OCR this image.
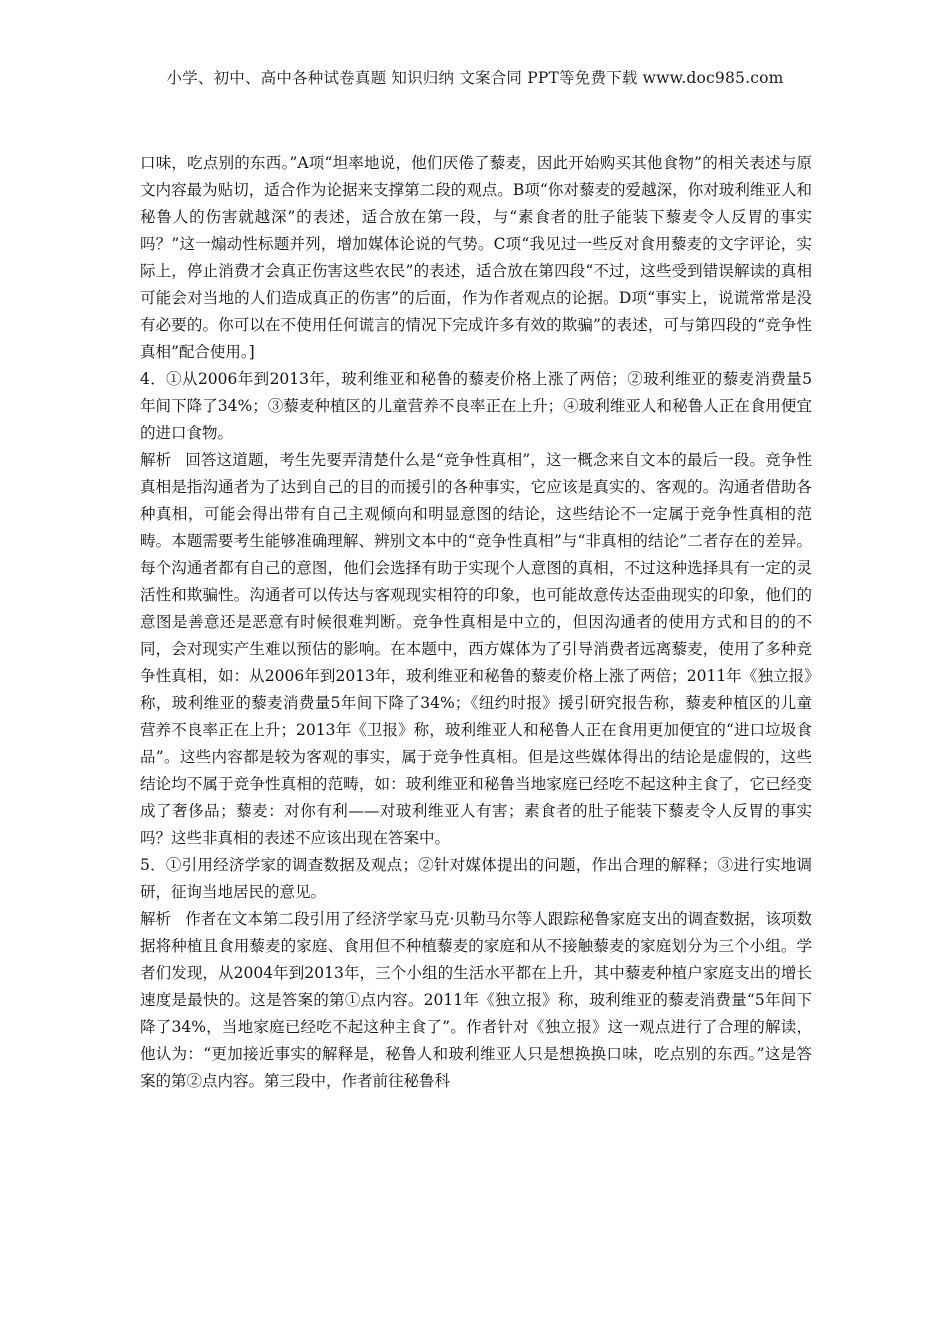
小学、初中、高中各种试卷真题 知识归纳 文案合同 PPT等免费下载 www.doc985.com

口味，吃点别的东西。”A项“坦率地说，他们厌倦了藜麦，因此开始购买其他食物”的相关表述与原文内容最为贴切，适合作为论据来支撑第二段的观点。B项“你对藜麦的爱越深，你对玻利维亚人和秘鲁人的伤害就越深”的表述，适合放在第一段，与“素食者的肚子能装下藜麦令人反胃的事实吗？”这一煽动性标题并列，增加媒体论说的气势。C项“我见过一些反对食用藜麦的文字评论，实际上，停止消费才会真正伤害这些农民”的表述，适合放在第四段“不过，这些受到错误解读的真相可能会对当地的人们造成真正的伤害”的后面，作为作者观点的论据。D项“事实上，说谎常常是没有必要的。你可以在不使用任何谎言的情况下完成许多有效的欺骗”的表述，可与第四段的“竞争性真相”配合使用。]

4．①从2006年到2013年，玻利维亚和秘鲁的藜麦价格上涨了两倍；②玻利维亚的藜麦消费量5年间下降了34%；③藜麦种植区的儿童营养不良率正在上升；④玻利维亚人和秘鲁人正在食用便宜的进口食物。

解析 回答这道题，考生先要弄清楚什么是“竞争性真相”，这一概念来自文本的最后一段。竞争性真相是指沟通者为了达到自己的目的而援引的各种事实，它应该是真实的、客观的。沟通者借助各种真相，可能会得出带有自己主观倾向和明显意图的结论，这些结论不一定属于竞争性真相的范畴。本题需要考生能够准确理解、辨别文本中的“竞争性真相”与“非真相的结论”二者存在的差异。每个沟通者都有自己的意图，他们会选择有助于实现个人意图的真相，不过这种选择具有一定的灵活性和欺骗性。沟通者可以传达与客观现实相符的印象，也可能故意传达歪曲现实的印象，他们的意图是善意还是恶意有时候很难判断。竞争性真相是中立的，但因沟通者的使用方式和目的的不同，会对现实产生难以预估的影响。在本题中，西方媒体为了引导消费者远离藜麦，使用了多种竞争性真相，如：从2006年到2013年，玻利维亚和秘鲁的藜麦价格上涨了两倍；2011年《独立报》称，玻利维亚的藜麦消费量5年间下降了34%；《纽约时报》援引研究报告称，藜麦种植区的儿童营养不良率正在上升；2013年《卫报》称，玻利维亚人和秘鲁人正在食用更加便宜的“进口垃圾食品”。这些内容都是较为客观的事实，属于竞争性真相。但是这些媒体得出的结论是虚假的，这些结论均不属于竞争性真相的范畴，如：玻利维亚和秘鲁当地家庭已经吃不起这种主食了，它已经变成了奢侈品；藜麦：对你有利——对玻利维亚人有害；素食者的肚子能装下藜麦令人反胃的事实吗？这些非真相的表述不应该出现在答案中。

5．①引用经济学家的调查数据及观点；②针对媒体提出的问题，作出合理的解释；③进行实地调研，征询当地居民的意见。

解析 作者在文本第二段引用了经济学家马克·贝勒马尔等人跟踪秘鲁家庭支出的调查数据，该项数据将种植且食用藜麦的家庭、食用但不种植藜麦的家庭和从不接触藜麦的家庭划分为三个小组。学者们发现，从2004年到2013年，三个小组的生活水平都在上升，其中藜麦种植户家庭支出的增长速度是最快的。这是答案的第①点内容。2011年《独立报》称，玻利维亚的藜麦消费量“5年间下降了34%，当地家庭已经吃不起这种主食了”。作者针对《独立报》这一观点进行了合理的解读，他认为：“更加接近事实的解释是，秘鲁人和玻利维亚人只是想换换口味，吃点别的东西。”这是答案的第②点内容。第三段中，作者前往秘鲁科
